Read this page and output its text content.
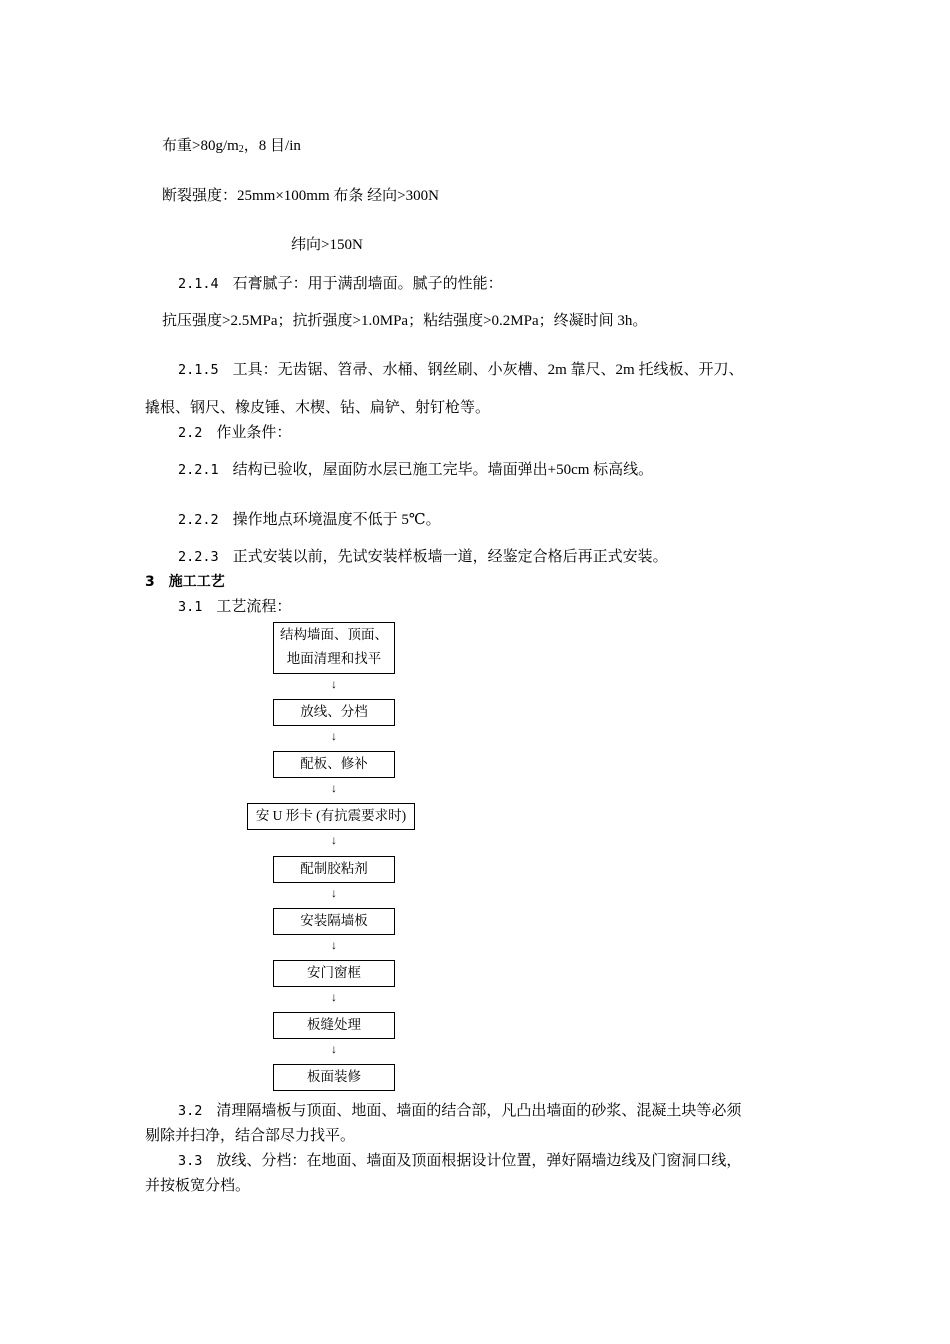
布重$>80g/m_2$，8 目/in
断裂强度：25mm×100mm 布条 经向>300N
纬向>150N
2.1.4 石膏腻子：用于满刮墙面。腻子的性能：
抗压强度>2.5MPa；抗折强度>1.0MPa；粘结强度>0.2MPa；终凝时间 3h。
2.1.5 工具：无齿锯、笤帚、水桶、钢丝刷、小灰槽、2m 靠尺、2m 托线板、开刀、
撬根、钢尺、橡皮锤、木楔、钻、扁铲、射钉枪等。
2.2 作业条件：
2.2.1 结构已验收，屋面防水层已施工完毕。墙面弹出+50cm 标高线。
2.2.2 操作地点环境温度不低于 5℃。
2.2.3 正式安装以前，先试安装样板墙一道，经鉴定合格后再正式安装。
3　施工工艺
3.1 工艺流程：
结构墙面、顶面、
地面清理和找平
↓
放线、分档
↓
配板、修补
↓
安 U 形卡 (有抗震要求时)
↓
配制胶粘剂
↓
安装隔墙板
↓
安门窗框
↓
板缝处理
↓
板面装修
3.2 清理隔墙板与顶面、地面、墙面的结合部，凡凸出墙面的砂浆、混凝土块等必须
剔除并扫净，结合部尽力找平。
3.3 放线、分档：在地面、墙面及顶面根据设计位置，弹好隔墙边线及门窗洞口线，
并按板宽分档。
